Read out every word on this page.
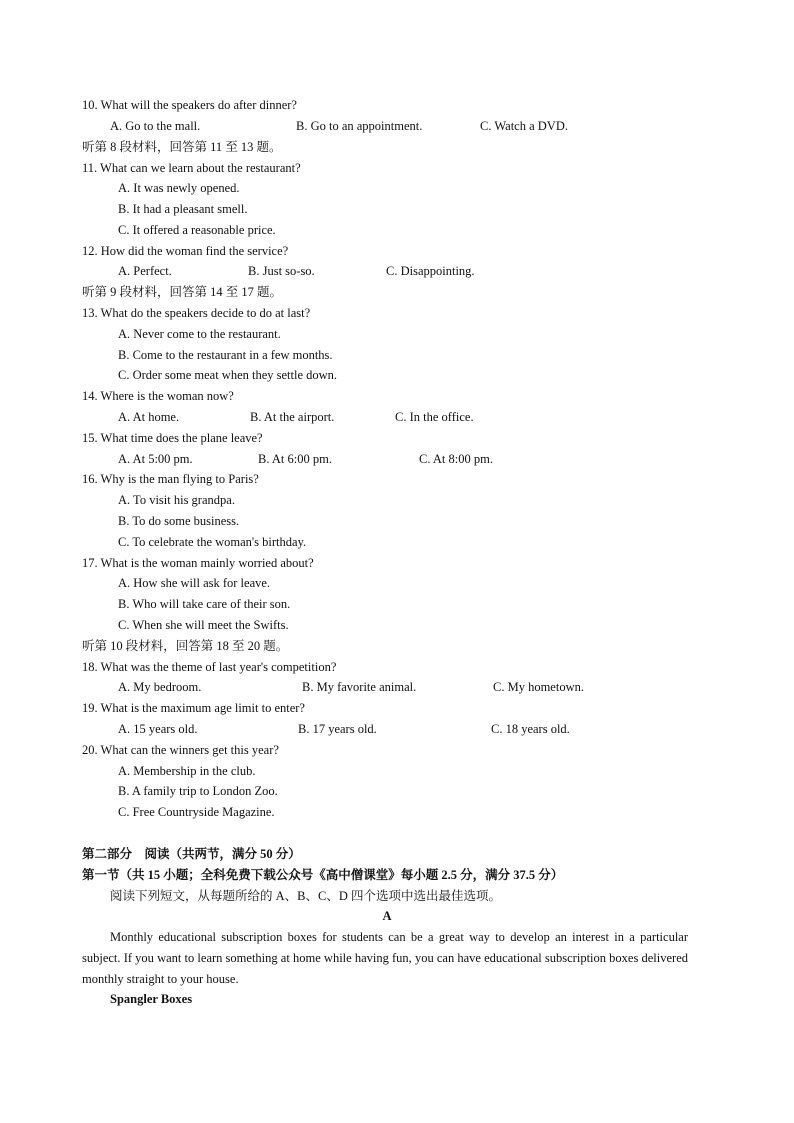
10. What will the speakers do after dinner?
A. Go to the mall.	B. Go to an appointment.	C. Watch a DVD.
听第 8 段材料，回答第 11 至 13 题。
11. What can we learn about the restaurant?
A. It was newly opened.
B. It had a pleasant smell.
C. It offered a reasonable price.
12. How did the woman find the service?
A. Perfect.	B. Just so-so.	C. Disappointing.
听第 9 段材料，回答第 14 至 17 题。
13. What do the speakers decide to do at last?
A. Never come to the restaurant.
B. Come to the restaurant in a few months.
C. Order some meat when they settle down.
14. Where is the woman now?
A. At home.	B. At the airport.	C. In the office.
15. What time does the plane leave?
A. At 5:00 pm.	B. At 6:00 pm.	C. At 8:00 pm.
16. Why is the man flying to Paris?
A. To visit his grandpa.
B. To do some business.
C. To celebrate the woman's birthday.
17. What is the woman mainly worried about?
A. How she will ask for leave.
B. Who will take care of their son.
C. When she will meet the Swifts.
听第 10 段材料，回答第 18 至 20 题。
18. What was the theme of last year's competition?
A. My bedroom.	B. My favorite animal.	C. My hometown.
19. What is the maximum age limit to enter?
A. 15 years old.	B. 17 years old.	C. 18 years old.
20. What can the winners get this year?
A. Membership in the club.
B. A family trip to London Zoo.
C. Free Countryside Magazine.
第二部分　阅读（共两节，满分 50 分）
第一节（共 15 小题；全科免费下载公众号《高中僧课堂》每小题 2.5 分，满分 37.5 分）
阅读下列短文，从每题所给的 A、B、C、D 四个选项中选出最佳选项。
A
Monthly educational subscription boxes for students can be a great way to develop an interest in a particular subject. If you want to learn something at home while having fun, you can have educational subscription boxes delivered monthly straight to your house.
Spangler Boxes
